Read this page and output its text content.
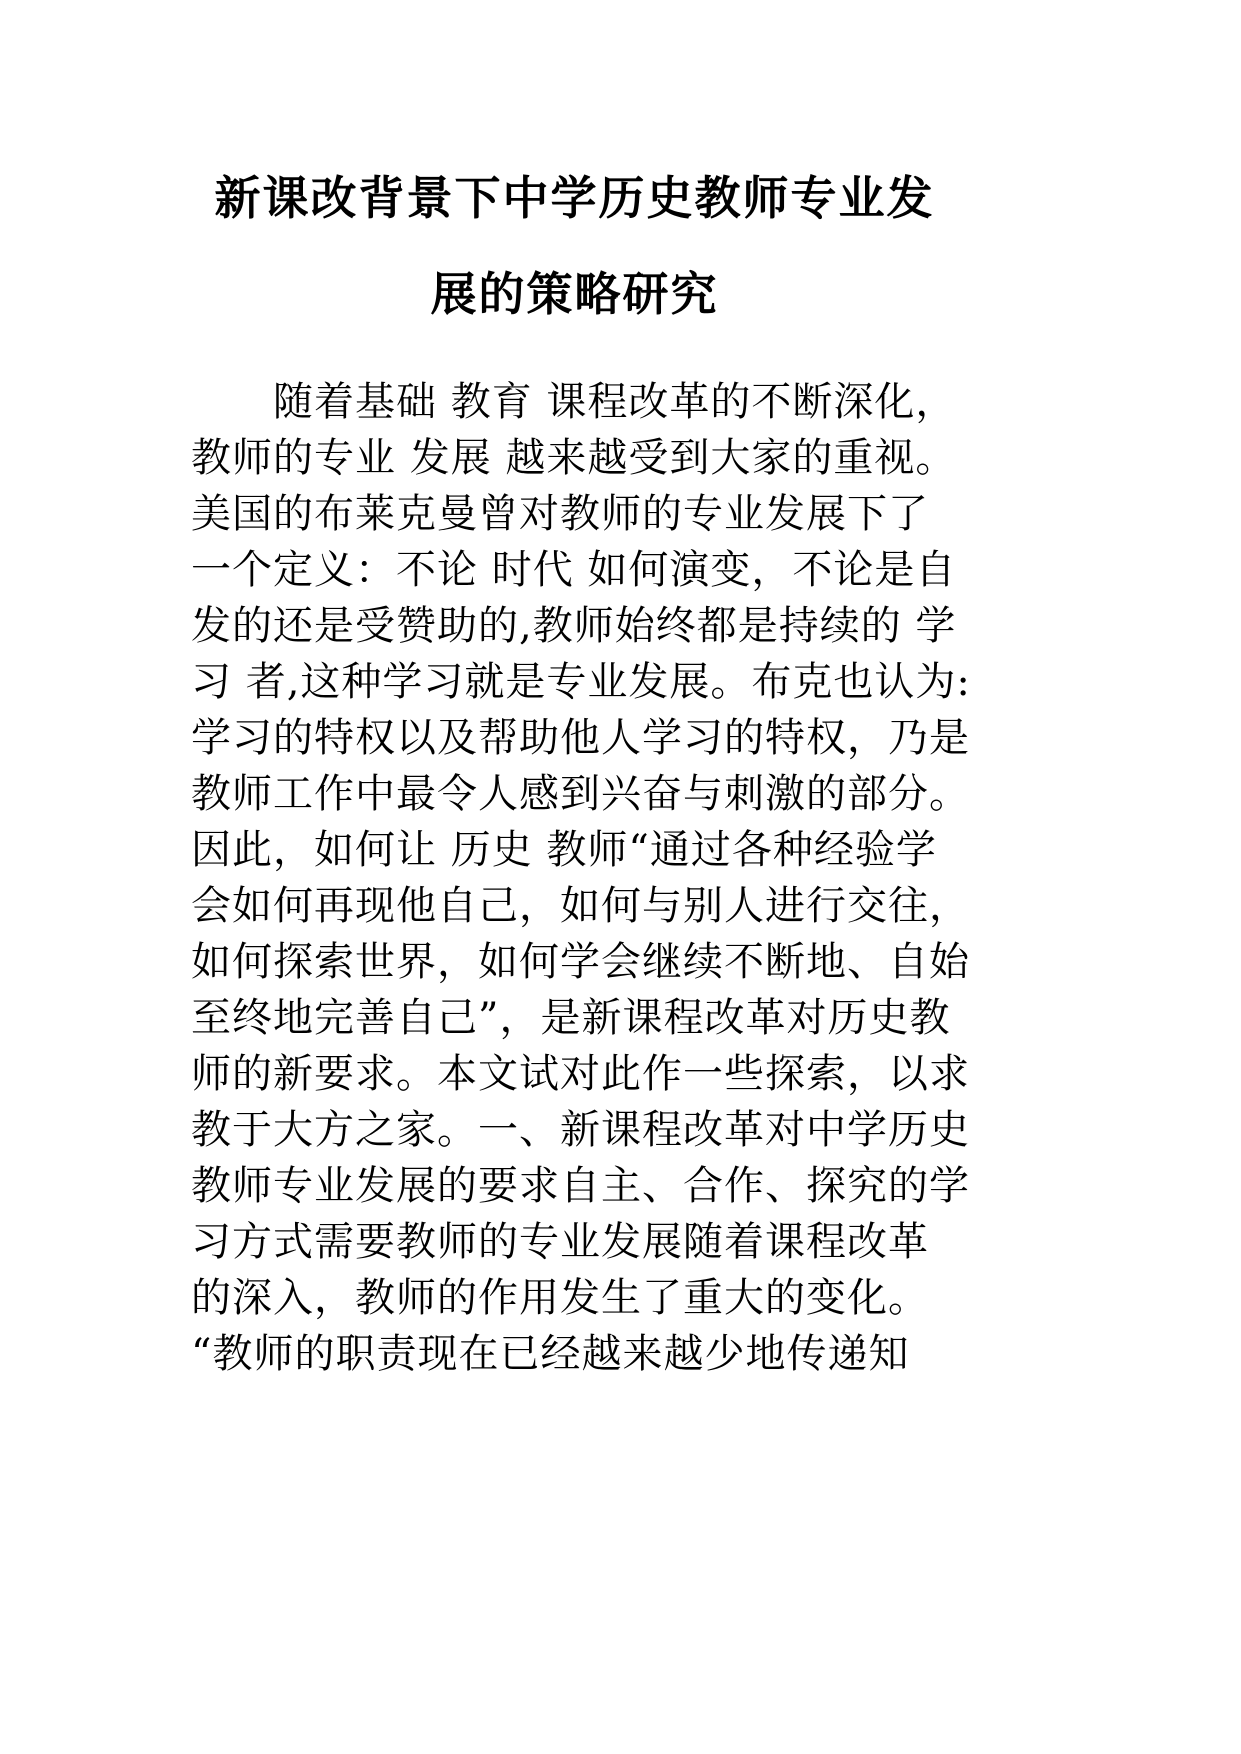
新课改背景下中学历史教师专业发
展的策略研究
　　随着基础 教育 课程改革的不断深化，
教师的专业 发展 越来越受到大家的重视。
美国的布莱克曼曾对教师的专业发展下了
一个定义：不论 时代 如何演变，不论是自
发的还是受赞助的,教师始终都是持续的 学
习 者,这种学习就是专业发展。布克也认为:
学习的特权以及帮助他人学习的特权，乃是
教师工作中最令人感到兴奋与刺激的部分。
因此，如何让 历史 教师“通过各种经验学
会如何再现他自己，如何与别人进行交往，
如何探索世界，如何学会继续不断地、自始
至终地完善自己”，是新课程改革对历史教
师的新要求。本文试对此作一些探索，以求
教于大方之家。一、新课程改革对中学历史
教师专业发展的要求自主、合作、探究的学
习方式需要教师的专业发展随着课程改革
的深入，教师的作用发生了重大的变化。
“教师的职责现在已经越来越少地传递知
